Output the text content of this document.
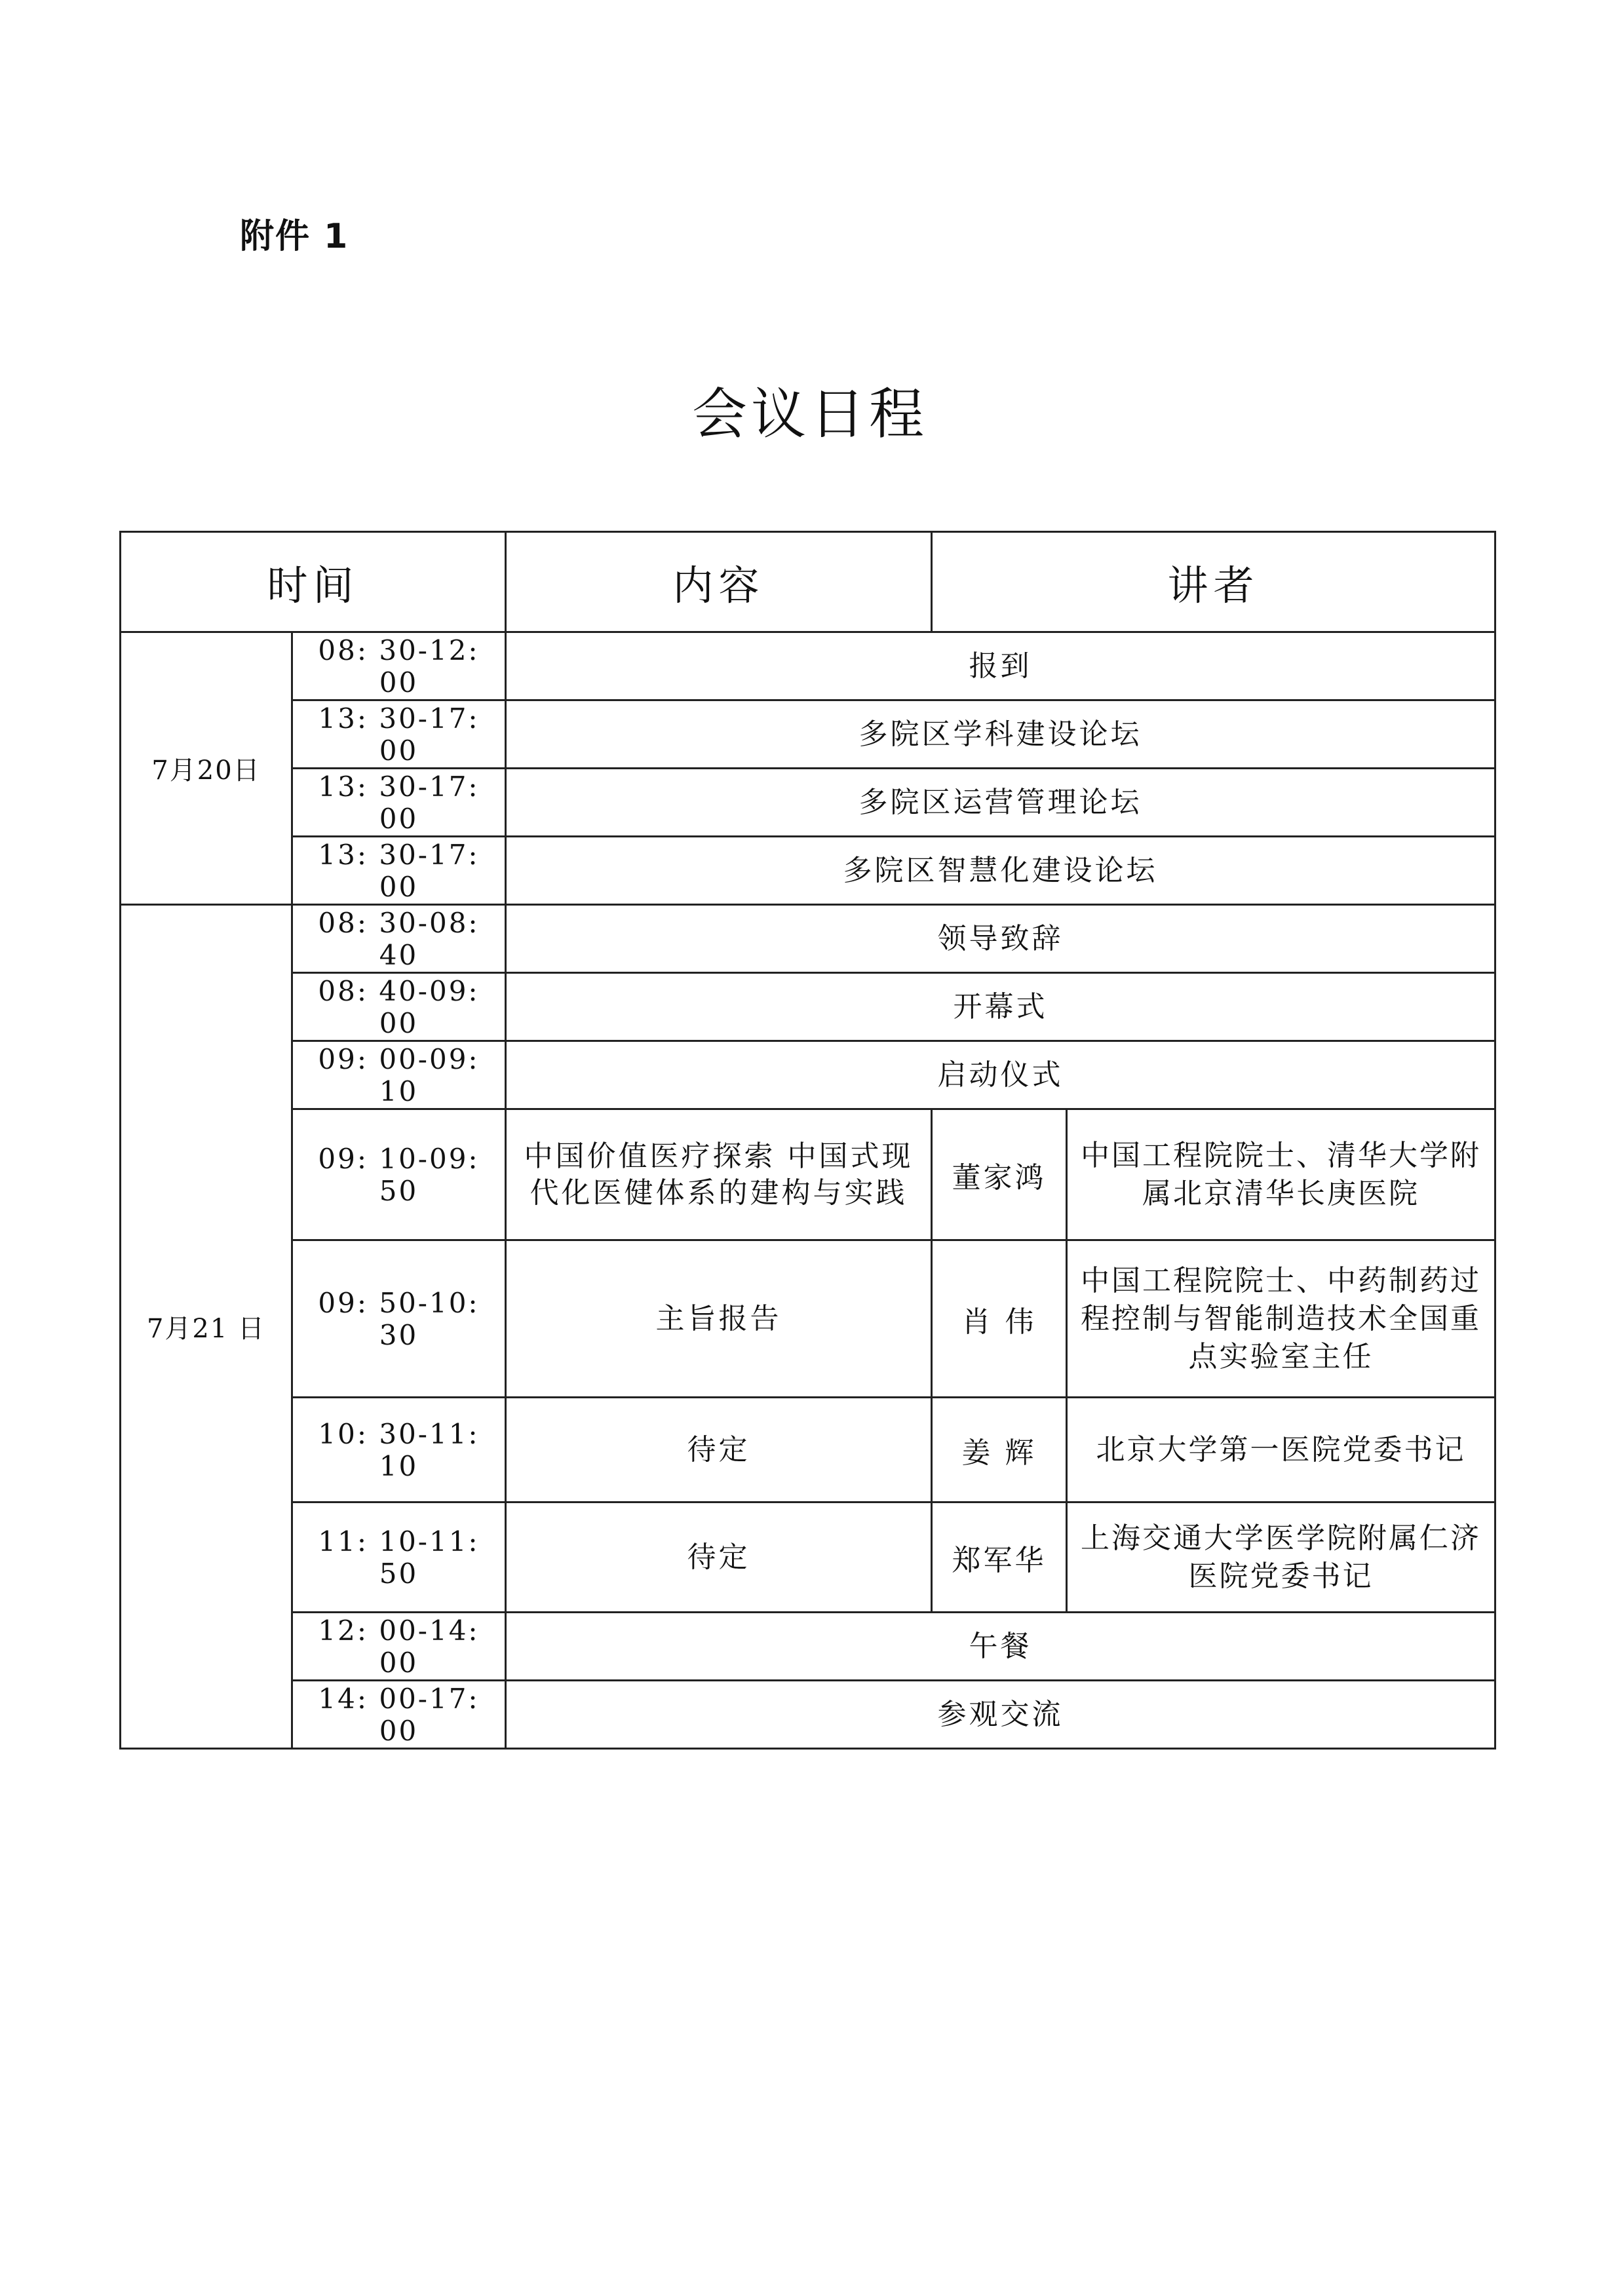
附件 1
会议日程
时间		内容	讲者	
7月20日	08: 30-12: 00	报到		
	13: 30-17: 00	多院区学科建设论坛		
	13: 30-17: 00	多院区运营管理论坛		
	13: 30-17: 00	多院区智慧化建设论坛		
7月21 日	08: 30-08: 40	领导致辞		
	08: 40-09: 00	开幕式		
	09: 00-09: 10	启动仪式		
	09: 10-09: 50	中国价值医疗探索 中国式现代化医健体系的建构与实践	董家鸿	中国工程院院士、清华大学附属北京清华长庚医院
	09: 50-10: 30	主旨报告	肖 伟	中国工程院院士、中药制药过程控制与智能制造技术全国重点实验室主任
	10: 30-11: 10	待定	姜 辉	北京大学第一医院党委书记
	11: 10-11: 50	待定	郑军华	上海交通大学医学院附属仁济医院党委书记
	12: 00-14: 00	午餐		
	14: 00-17: 00	参观交流		
